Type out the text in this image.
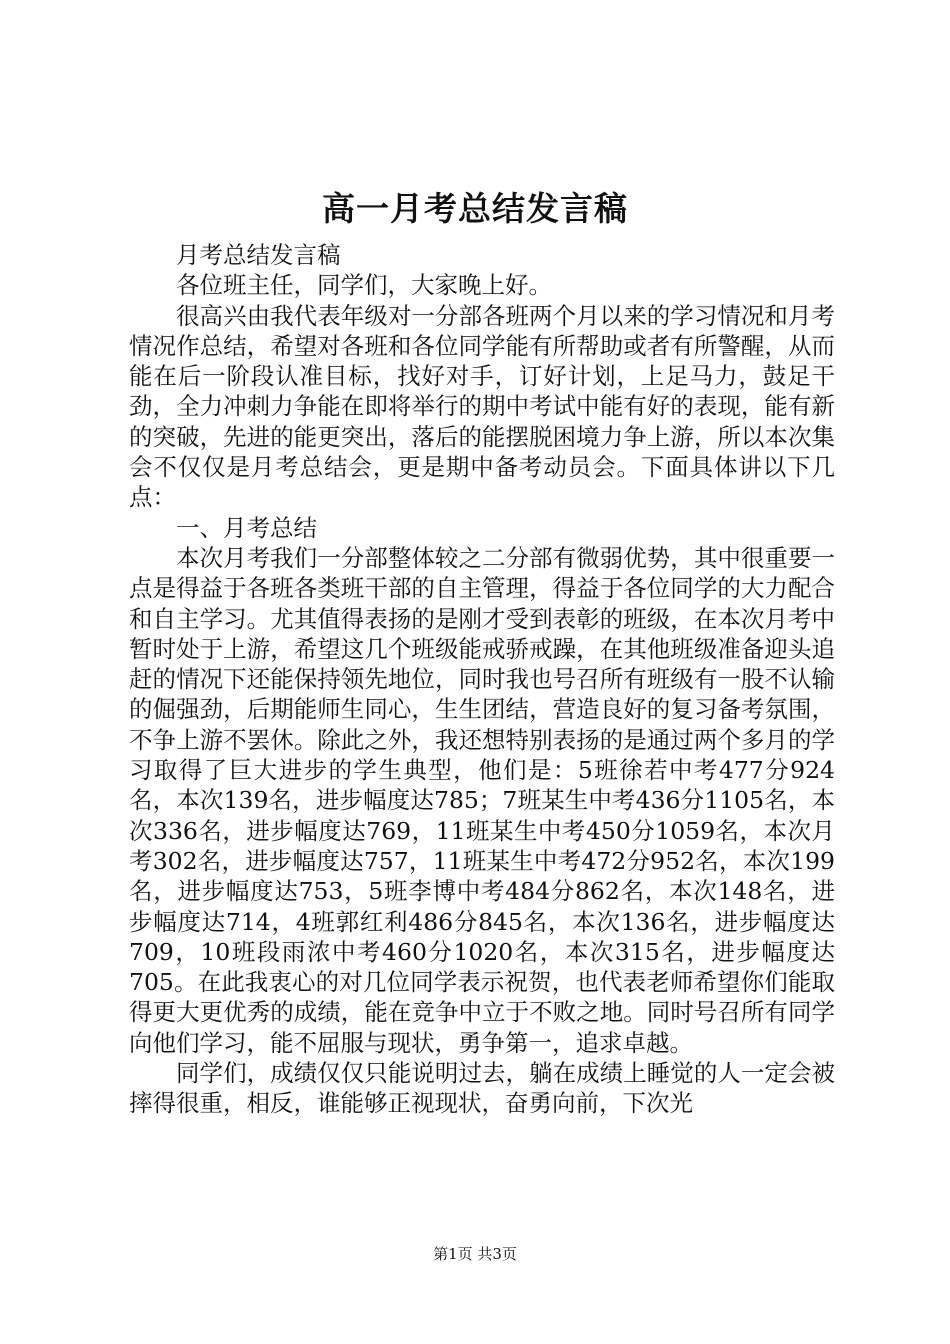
高一月考总结发言稿

月考总结发言稿

各位班主任，同学们，大家晚上好。

很高兴由我代表年级对一分部各班两个月以来的学习情况和月考情况作总结，希望对各班和各位同学能有所帮助或者有所警醒，从而能在后一阶段认准目标，找好对手，订好计划，上足马力，鼓足干劲，全力冲刺力争能在即将举行的期中考试中能有好的表现，能有新的突破，先进的能更突出，落后的能摆脱困境力争上游，所以本次集会不仅仅是月考总结会，更是期中备考动员会。下面具体讲以下几点：

一、月考总结

本次月考我们一分部整体较之二分部有微弱优势，其中很重要一点是得益于各班各类班干部的自主管理，得益于各位同学的大力配合和自主学习。尤其值得表扬的是刚才受到表彰的班级，在本次月考中暂时处于上游，希望这几个班级能戒骄戒躁，在其他班级准备迎头追赶的情况下还能保持领先地位，同时我也号召所有班级有一股不认输的倔强劲，后期能师生同心，生生团结，营造良好的复习备考氛围，不争上游不罢休。除此之外，我还想特别表扬的是通过两个多月的学习取得了巨大进步的学生典型，他们是：5班徐若中考477分924名，本次139名，进步幅度达785；7班某生中考436分1105名，本次336名，进步幅度达769，11班某生中考450分1059名，本次月考302名，进步幅度达757，11班某生中考472分952名，本次199名，进步幅度达753，5班李博中考484分862名，本次148名，进步幅度达714，4班郭红利486分845名，本次136名，进步幅度达709，10班段雨浓中考460分1020名，本次315名，进步幅度达705。在此我衷心的对几位同学表示祝贺，也代表老师希望你们能取得更大更优秀的成绩，能在竞争中立于不败之地。同时号召所有同学向他们学习，能不屈服与现状，勇争第一，追求卓越。

同学们，成绩仅仅只能说明过去，躺在成绩上睡觉的人一定会被摔得很重，相反，谁能够正视现状，奋勇向前，下次光

第1页 共3页
